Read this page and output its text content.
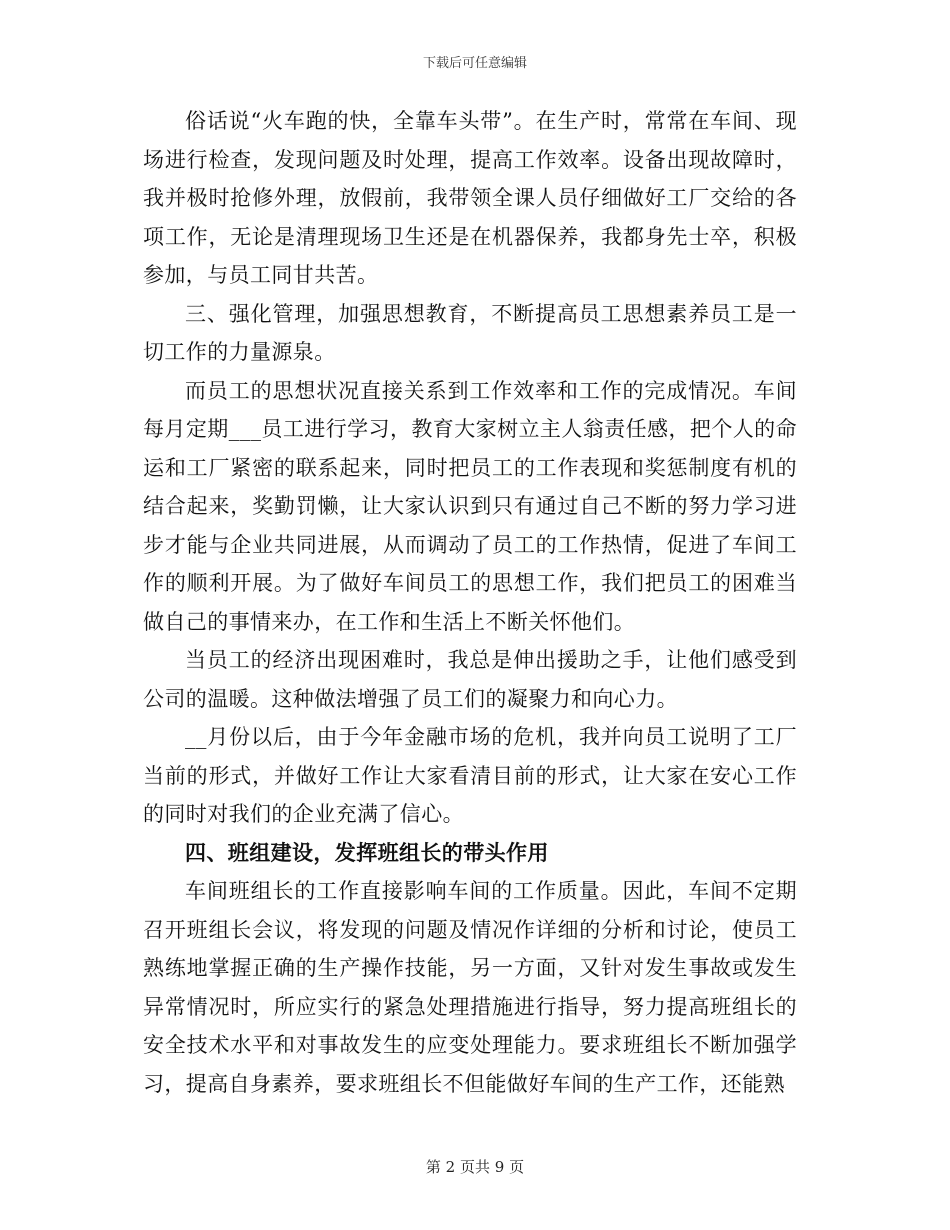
下载后可任意编辑

俗话说“火车跑的快，全靠车头带”。在生产时，常常在车间、现场进行检查，发现问题及时处理，提高工作效率。设备出现故障时，我并极时抢修外理，放假前，我带领全课人员仔细做好工厂交给的各项工作，无论是清理现场卫生还是在机器保养，我都身先士卒，积极参加，与员工同甘共苦。

三、强化管理，加强思想教育，不断提高员工思想素养员工是一切工作的力量源泉。

而员工的思想状况直接关系到工作效率和工作的完成情况。车间每月定期___员工进行学习，教育大家树立主人翁责任感，把个人的命运和工厂紧密的联系起来，同时把员工的工作表现和奖惩制度有机的结合起来，奖勤罚懒，让大家认识到只有通过自己不断的努力学习进步才能与企业共同进展，从而调动了员工的工作热情，促进了车间工作的顺利开展。为了做好车间员工的思想工作，我们把员工的困难当做自己的事情来办，在工作和生活上不断关怀他们。

当员工的经济出现困难时，我总是伸出援助之手，让他们感受到公司的温暖。这种做法增强了员工们的凝聚力和向心力。

__月份以后，由于今年金融市场的危机，我并向员工说明了工厂当前的形式，并做好工作让大家看清目前的形式，让大家在安心工作的同时对我们的企业充满了信心。

四、班组建设，发挥班组长的带头作用

车间班组长的工作直接影响车间的工作质量。因此，车间不定期召开班组长会议，将发现的问题及情况作详细的分析和讨论，使员工熟练地掌握正确的生产操作技能，另一方面，又针对发生事故或发生异常情况时，所应实行的紧急处理措施进行指导，努力提高班组长的安全技术水平和对事故发生的应变处理能力。要求班组长不断加强学习，提高自身素养，要求班组长不但能做好车间的生产工作，还能熟

第 2 页共 9 页
